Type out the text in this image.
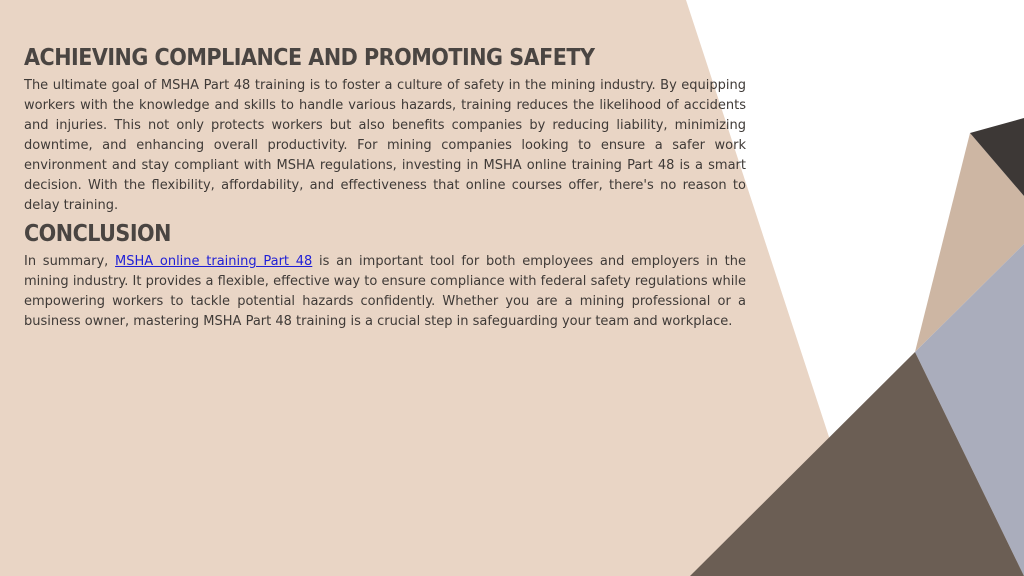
ACHIEVING COMPLIANCE AND PROMOTING SAFETY

The ultimate goal of MSHA Part 48 training is to foster a culture of safety in the mining industry. By equipping workers with the knowledge and skills to handle various hazards, training reduces the likelihood of accidents and injuries. This not only protects workers but also benefits companies by reducing liability, minimizing downtime, and enhancing overall productivity. For mining companies looking to ensure a safer work environment and stay compliant with MSHA regulations, investing in MSHA online training Part 48 is a smart decision. With the flexibility, affordability, and effectiveness that online courses offer, there's no reason to delay training.

CONCLUSION

In summary, MSHA online training Part 48 is an important tool for both employees and employers in the mining industry. It provides a flexible, effective way to ensure compliance with federal safety regulations while empowering workers to tackle potential hazards confidently. Whether you are a mining professional or a business owner, mastering MSHA Part 48 training is a crucial step in safeguarding your team and workplace.
